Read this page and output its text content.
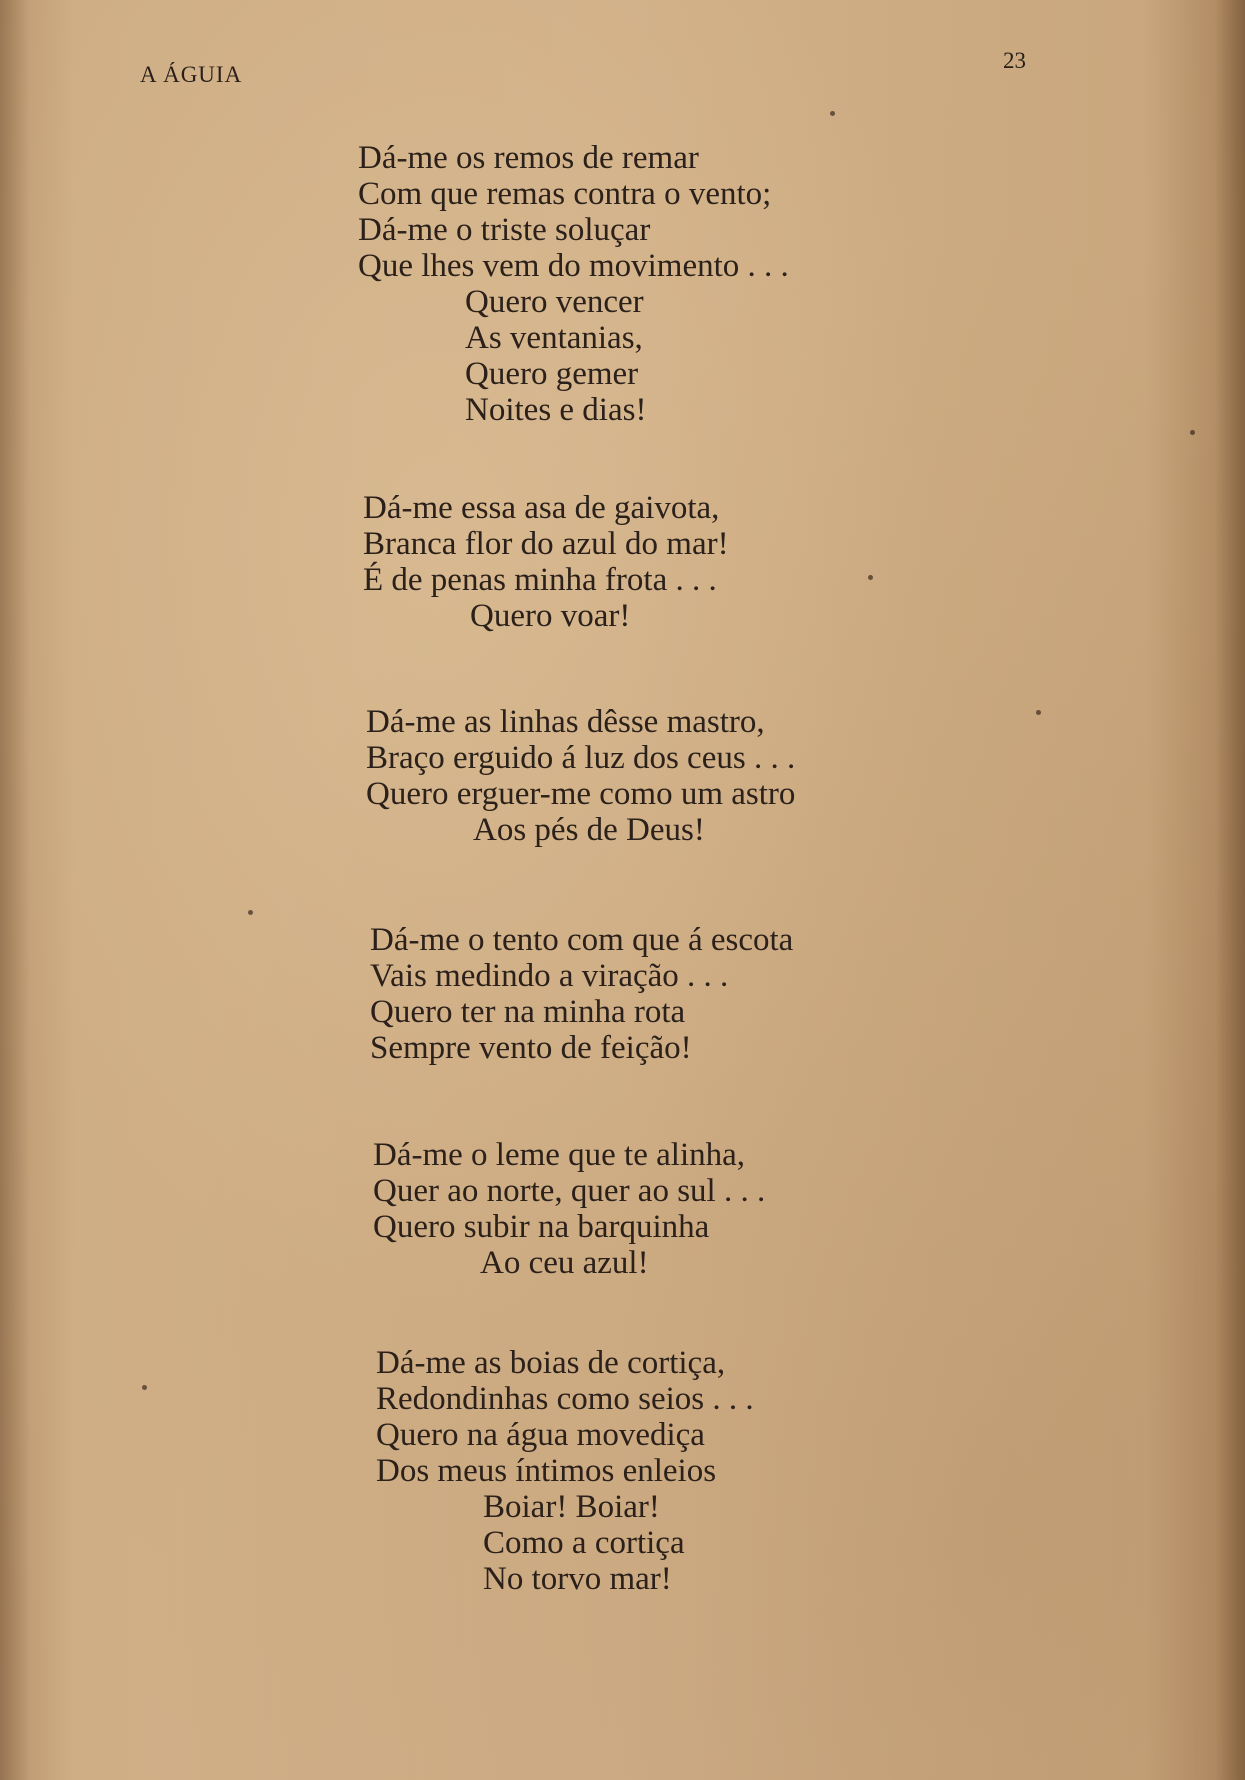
A ÁGUIA
23
Dá-me os remos de remar
Com que remas contra o vento;
Dá-me o triste soluçar
Que lhes vem do movimento . . .
Quero vencer
As ventanias,
Quero gemer
Noites e dias!
Dá-me essa asa de gaivota,
Branca flor do azul do mar!
É de penas minha frota . . .
Quero voar!
Dá-me as linhas dêsse mastro,
Braço erguido á luz dos ceus . . .
Quero erguer-me como um astro
Aos pés de Deus!
Dá-me o tento com que á escota
Vais medindo a viração . . .
Quero ter na minha rota
Sempre vento de feição!
Dá-me o leme que te alinha,
Quer ao norte, quer ao sul . . .
Quero subir na barquinha
Ao ceu azul!
Dá-me as boias de cortiça,
Redondinhas como seios . . .
Quero na água movediça
Dos meus íntimos enleios
Boiar! Boiar!
Como a cortiça
No torvo mar!
